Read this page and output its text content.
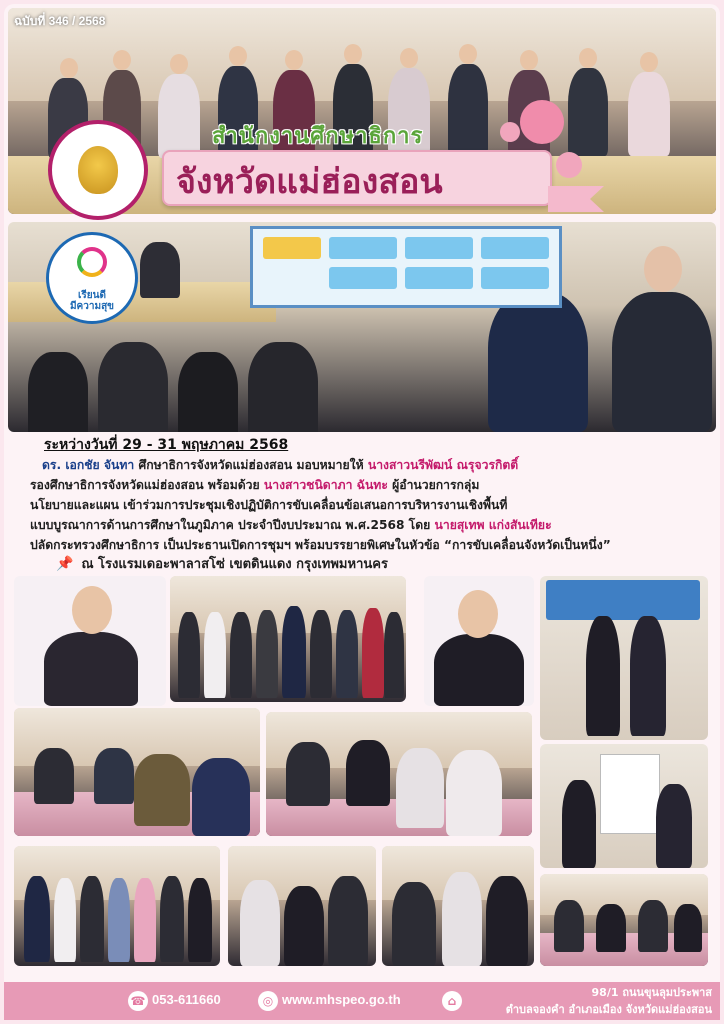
ฉบับที่ 346 / 2568
สำนักงานศึกษาธิการ
จังหวัดแม่ฮ่องสอน
เรียนดี
มีความสุข
ระหว่างวันที่ 29 - 31 พฤษภาคม 2568
ดร. เอกชัย จันทา ศึกษาธิการจังหวัดแม่ฮ่องสอน มอบหมายให้ นางสาวนรีพัฒน์ ณรุจวรกิตติ์
รองศึกษาธิการจังหวัดแม่ฮ่องสอน พร้อมด้วย นางสาวชนิดาภา ฉันทะ ผู้อำนวยการกลุ่ม
นโยบายและแผน เข้าร่วมการประชุมเชิงปฏิบัติการขับเคลื่อนข้อเสนอการบริหารงานเชิงพื้นที่
แบบบูรณาการด้านการศึกษาในภูมิภาค ประจำปีงบประมาณ พ.ศ.2568 โดย นายสุเทพ แก่งสันเทียะ
ปลัดกระทรวงศึกษาธิการ เป็นประธานเปิดการชุมฯ พร้อมบรรยายพิเศษในหัวข้อ “การขับเคลื่อนจังหวัดเป็นหนึ่ง”
📌 ณ โรงแรมเดอะพาลาสโซ่ เขตดินแดง กรุงเทพมหานคร
☎ 053-611660	◎ www.mhspeo.go.th	⌂
98/1 ถนนขุนลุมประพาส
ตำบลจองคำ อำเภอเมือง จังหวัดแม่ฮ่องสอน
